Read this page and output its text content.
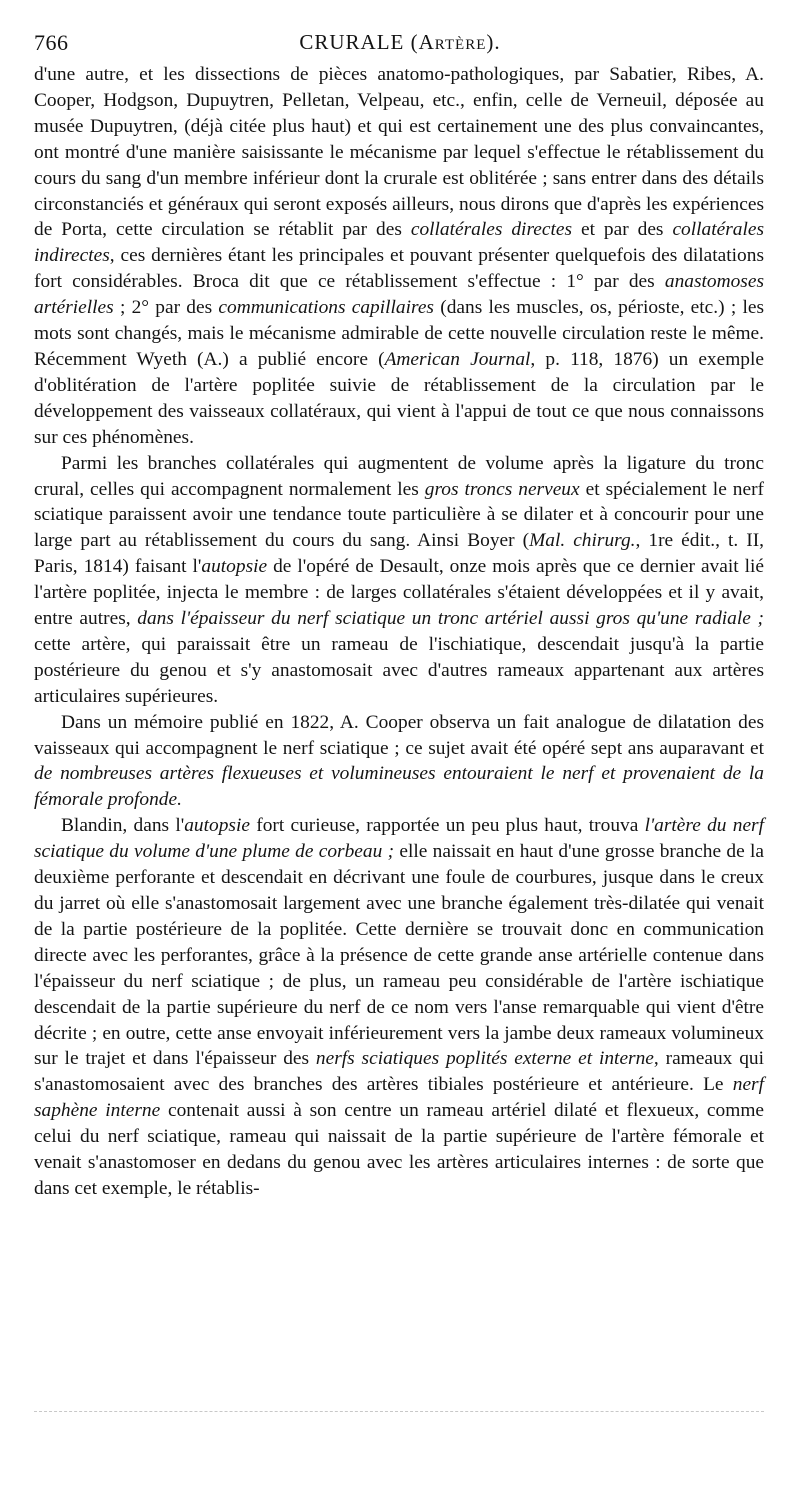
766	CRURALE (Artère).

d'une autre, et les dissections de pièces anatomo-pathologiques, par Sabatier, Ribes, A. Cooper, Hodgson, Dupuytren, Pelletan, Velpeau, etc., enfin, celle de Verneuil, déposée au musée Dupuytren, (déjà citée plus haut) et qui est certainement une des plus convaincantes, ont montré d'une manière saisissante le mécanisme par lequel s'effectue le rétablissement du cours du sang d'un membre inférieur dont la crurale est oblitérée ; sans entrer dans des détails circonstanciés et généraux qui seront exposés ailleurs, nous dirons que d'après les expériences de Porta, cette circulation se rétablit par des collatérales directes et par des collatérales indirectes, ces dernières étant les principales et pouvant présenter quelquefois des dilatations fort considérables. Broca dit que ce rétablissement s'effectue : 1° par des anastomoses artérielles ; 2° par des communications capillaires (dans les muscles, os, périoste, etc.) ; les mots sont changés, mais le mécanisme admirable de cette nouvelle circulation reste le même. Récemment Wyeth (A.) a publié encore (American Journal, p. 118, 1876) un exemple d'oblitération de l'artère poplitée suivie de rétablissement de la circulation par le développement des vaisseaux collatéraux, qui vient à l'appui de tout ce que nous connaissons sur ces phénomènes.

Parmi les branches collatérales qui augmentent de volume après la ligature du tronc crural, celles qui accompagnent normalement les gros troncs nerveux et spécialement le nerf sciatique paraissent avoir une tendance toute particulière à se dilater et à concourir pour une large part au rétablissement du cours du sang. Ainsi Boyer (Mal. chirurg., 1re édit., t. II, Paris, 1814) faisant l'autopsie de l'opéré de Desault, onze mois après que ce dernier avait lié l'artère poplitée, injecta le membre : de larges collatérales s'étaient développées et il y avait, entre autres, dans l'épaisseur du nerf sciatique un tronc artériel aussi gros qu'une radiale ; cette artère, qui paraissait être un rameau de l'ischiatique, descendait jusqu'à la partie postérieure du genou et s'y anastomosait avec d'autres rameaux appartenant aux artères articulaires supérieures.

Dans un mémoire publié en 1822, A. Cooper observa un fait analogue de dilatation des vaisseaux qui accompagnent le nerf sciatique ; ce sujet avait été opéré sept ans auparavant et de nombreuses artères flexueuses et volumineuses entouraient le nerf et provenaient de la fémorale profonde.

Blandin, dans l'autopsie fort curieuse, rapportée un peu plus haut, trouva l'artère du nerf sciatique du volume d'une plume de corbeau ; elle naissait en haut d'une grosse branche de la deuxième perforante et descendait en décrivant une foule de courbures, jusque dans le creux du jarret où elle s'anastomosait largement avec une branche également très-dilatée qui venait de la partie postérieure de la poplitée. Cette dernière se trouvait donc en communication directe avec les perforantes, grâce à la présence de cette grande anse artérielle contenue dans l'épaisseur du nerf sciatique ; de plus, un rameau peu considérable de l'artère ischiatique descendait de la partie supérieure du nerf de ce nom vers l'anse remarquable qui vient d'être décrite ; en outre, cette anse envoyait inférieurement vers la jambe deux rameaux volumineux sur le trajet et dans l'épaisseur des nerfs sciatiques poplités externe et interne, rameaux qui s'anastomosaient avec des branches des artères tibiales postérieure et antérieure. Le nerf saphène interne contenait aussi à son centre un rameau artériel dilaté et flexueux, comme celui du nerf sciatique, rameau qui naissait de la partie supérieure de l'artère fémorale et venait s'anastomoser en dedans du genou avec les artères articulaires internes : de sorte que dans cet exemple, le rétablis-
